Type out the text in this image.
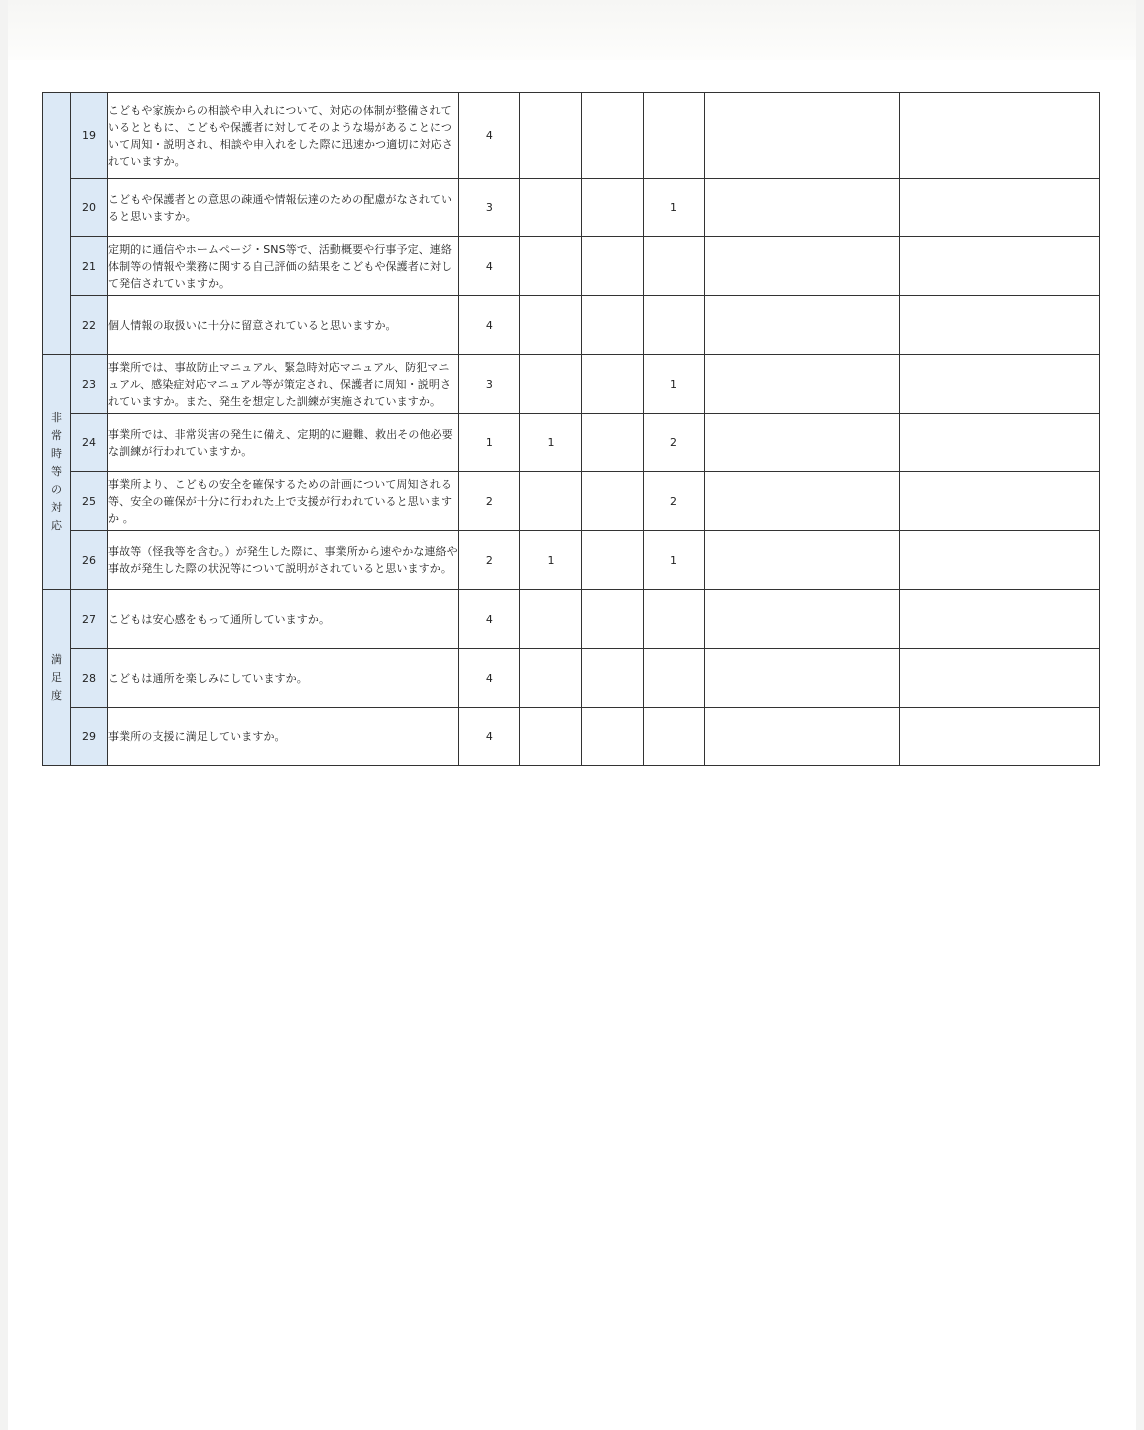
	19	こどもや家族からの相談や申入れについて、対応の体制が整備されているとともに、こどもや保護者に対してそのような場があることについて周知・説明され、相談や申入れをした際に迅速かつ適切に対応されていますか。	4					
	20	こどもや保護者との意思の疎通や情報伝達のための配慮がなされていると思いますか。	3			1		
	21	定期的に通信やホームページ・SNS等で、活動概要や行事予定、連絡体制等の情報や業務に関する自己評価の結果をこどもや保護者に対して発信されていますか。	4					
	22	個人情報の取扱いに十分に留意されていると思いますか。	4					
非常時等の対応	23	事業所では、事故防止マニュアル、緊急時対応マニュアル、防犯マニュアル、感染症対応マニュアル等が策定され、保護者に周知・説明されていますか。また、発生を想定した訓練が実施されていますか。	3			1		
	24	事業所では、非常災害の発生に備え、定期的に避難、救出その他必要な訓練が行われていますか。	1	1		2		
	25	事業所より、こどもの安全を確保するための計画について周知される等、安全の確保が十分に行われた上で支援が行われていると思いますか 。	2			2		
	26	事故等（怪我等を含む。）が発生した際に、事業所から速やかな連絡や事故が発生した際の状況等について説明がされていると思いますか。	2	1		1		
満足度	27	こどもは安心感をもって通所していますか。	4					
	28	こどもは通所を楽しみにしていますか。	4					
	29	事業所の支援に満足していますか。	4					
